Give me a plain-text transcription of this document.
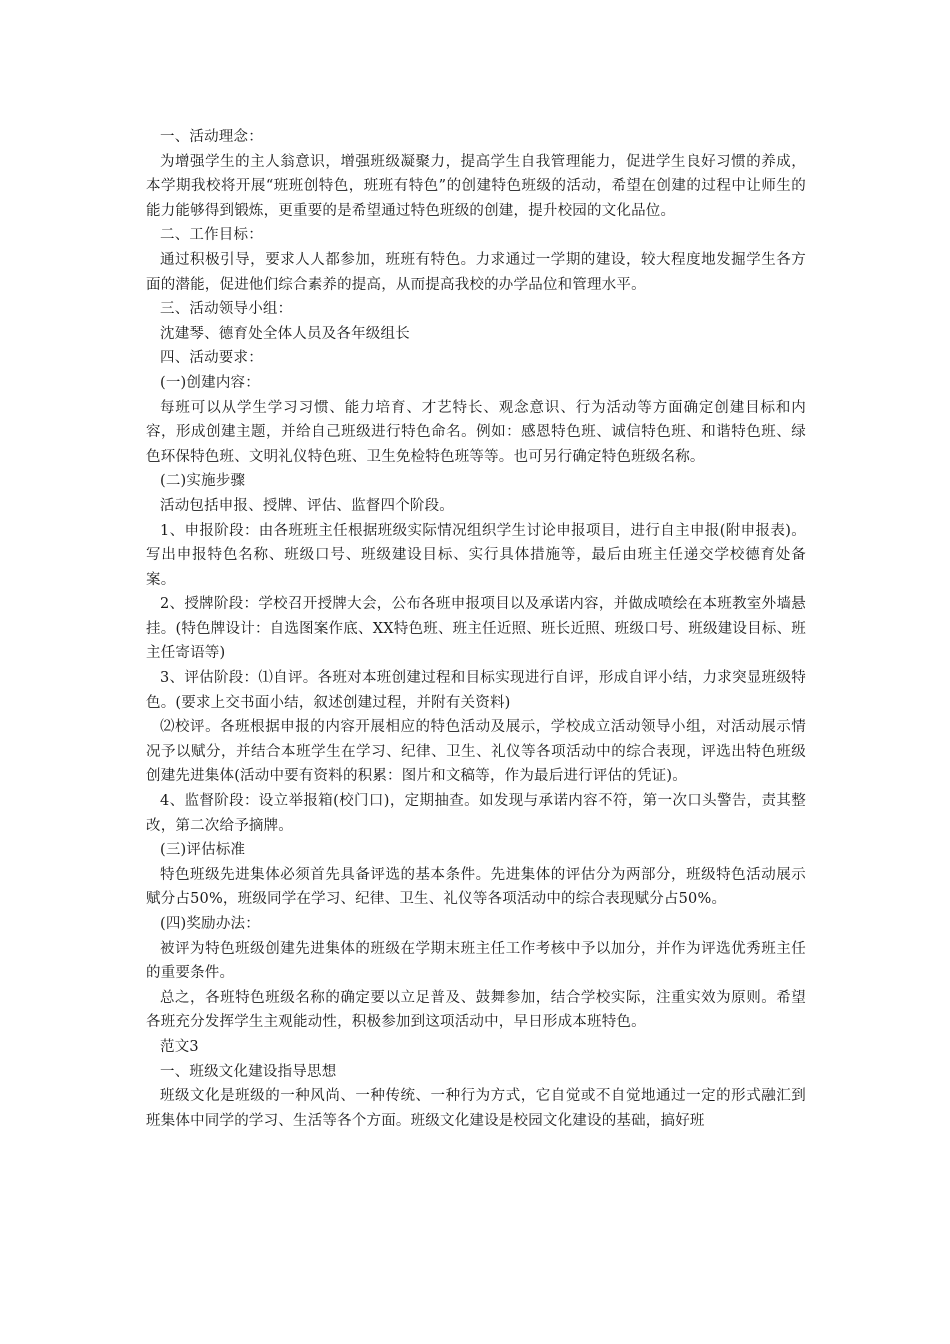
一、活动理念：

为增强学生的主人翁意识，增强班级凝聚力，提高学生自我管理能力，促进学生良好习惯的养成，本学期我校将开展“班班创特色，班班有特色”的创建特色班级的活动，希望在创建的过程中让师生的能力能够得到锻炼，更重要的是希望通过特色班级的创建，提升校园的文化品位。

二、工作目标：

通过积极引导，要求人人都参加，班班有特色。力求通过一学期的建设，较大程度地发掘学生各方面的潜能，促进他们综合素养的提高，从而提高我校的办学品位和管理水平。

三、活动领导小组：

沈建琴、德育处全体人员及各年级组长

四、活动要求：

(一)创建内容：

每班可以从学生学习习惯、能力培育、才艺特长、观念意识、行为活动等方面确定创建目标和内容，形成创建主题，并给自己班级进行特色命名。例如：感恩特色班、诚信特色班、和谐特色班、绿色环保特色班、文明礼仪特色班、卫生免检特色班等等。也可另行确定特色班级名称。

(二)实施步骤

活动包括申报、授牌、评估、监督四个阶段。

1、申报阶段：由各班班主任根据班级实际情况组织学生讨论申报项目，进行自主申报(附申报表)。写出申报特色名称、班级口号、班级建设目标、实行具体措施等，最后由班主任递交学校德育处备案。

2、授牌阶段：学校召开授牌大会，公布各班申报项目以及承诺内容，并做成喷绘在本班教室外墙悬挂。(特色牌设计：自选图案作底、XX特色班、班主任近照、班长近照、班级口号、班级建设目标、班主任寄语等)

3、评估阶段：⑴自评。各班对本班创建过程和目标实现进行自评，形成自评小结，力求突显班级特色。(要求上交书面小结，叙述创建过程，并附有关资料)

⑵校评。各班根据申报的内容开展相应的特色活动及展示，学校成立活动领导小组，对活动展示情况予以赋分，并结合本班学生在学习、纪律、卫生、礼仪等各项活动中的综合表现，评选出特色班级创建先进集体(活动中要有资料的积累：图片和文稿等，作为最后进行评估的凭证)。

4、监督阶段：设立举报箱(校门口)，定期抽查。如发现与承诺内容不符，第一次口头警告，责其整改，第二次给予摘牌。

(三)评估标准

特色班级先进集体必须首先具备评选的基本条件。先进集体的评估分为两部分，班级特色活动展示赋分占50%，班级同学在学习、纪律、卫生、礼仪等各项活动中的综合表现赋分占50%。

(四)奖励办法：

被评为特色班级创建先进集体的班级在学期末班主任工作考核中予以加分，并作为评选优秀班主任的重要条件。

总之，各班特色班级名称的确定要以立足普及、鼓舞参加，结合学校实际，注重实效为原则。希望各班充分发挥学生主观能动性，积极参加到这项活动中，早日形成本班特色。

范文3

一、班级文化建设指导思想

班级文化是班级的一种风尚、一种传统、一种行为方式，它自觉或不自觉地通过一定的形式融汇到班集体中同学的学习、生活等各个方面。班级文化建设是校园文化建设的基础，搞好班
